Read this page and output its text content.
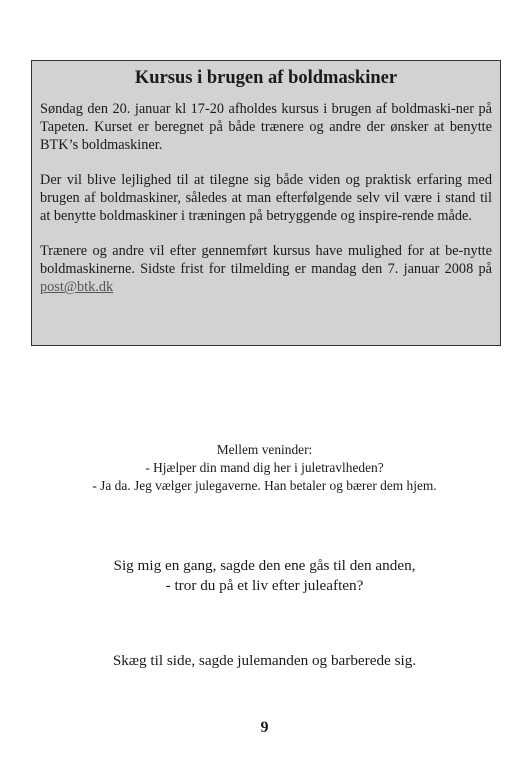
Kursus i brugen af boldmaskiner

Søndag den 20. januar kl 17-20 afholdes kursus i brugen af boldmaski-ner på Tapeten. Kurset er beregnet på både trænere og andre der ønsker at benytte BTK’s boldmaskiner.

Der vil blive lejlighed til at tilegne sig både viden og praktisk erfaring med brugen af boldmaskiner, således at man efterfølgende selv vil være i stand til at benytte boldmaskiner i træningen på betryggende og inspire-rende måde.

Trænere og andre vil efter gennemført kursus have mulighed for at be-nytte boldmaskinerne. Sidste frist for tilmelding er mandag den 7. januar 2008 på post@btk.dk

Mellem veninder:
- Hjælper din mand dig her i juletravlheden?
- Ja da. Jeg vælger julegaverne. Han betaler og bærer dem hjem.
Sig mig en gang, sagde den ene gås til den anden,
- tror du på et liv efter juleaften?
Skæg til side, sagde julemanden og barberede sig.
9
